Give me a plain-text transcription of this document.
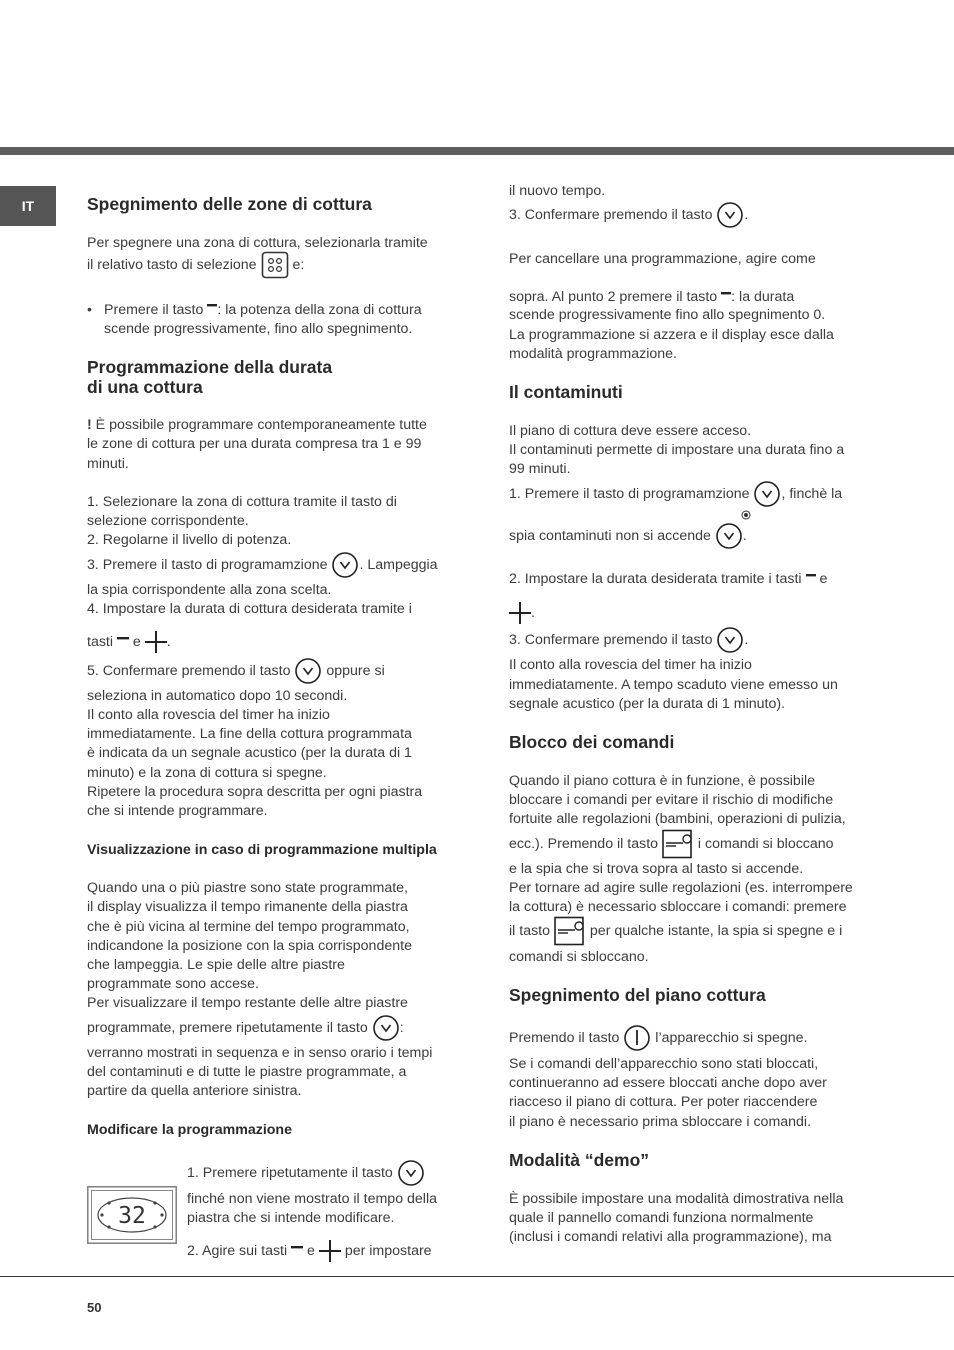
IT	Spegnimento delle zone di cottura
Per spegnere una zona di cottura, selezionarla tramite
il relativo tasto di selezione
e:
• Premere il tasto : la potenza della zona di cottura
scende progressivamente, fino allo spegnimento.
Programmazione della durata
di una cottura
! È possibile programmare contemporaneamente tutte
le zone di cottura per una durata compresa tra 1 e 99
minuti.
1. Selezionare la zona di cottura tramite il tasto di
selezione corrispondente.
2. Regolarne il livello di potenza.
3. Premere il tasto di programamzione . Lampeggia
la spia corrispondente alla zona scelta.
4. Impostare la durata di cottura desiderata tramite i
tasti
e
.
5. Confermare premendo il tasto
oppure si
seleziona in automatico dopo 10 secondi.
Il conto alla rovescia del timer ha inizio
immediatamente. La fine della cottura programmata
è indicata da un segnale acustico (per la durata di 1
minuto) e la zona di cottura si spegne.
Ripetere la procedura sopra descritta per ogni piastra
che si intende programmare.
Visualizzazione in caso di programmazione multipla
Quando una o più piastre sono state programmate,
il display visualizza il tempo rimanente della piastra
che è più vicina al termine del tempo programmato,
indicandone la posizione con la spia corrispondente
che lampeggia. Le spie delle altre piastre
programmate sono accese.
Per visualizzare il tempo restante delle altre piastre
programmate, premere ripetutamente il tasto :
verranno mostrati in sequenza e in senso orario i tempi
del contaminuti e di tutte le piastre programmate, a
partire da quella anteriore sinistra.
Modificare la programmazione
32
1. Premere ripetutamente il tasto
finché non viene mostrato il tempo della
piastra che si intende modificare.
2. Agire sui tasti
e
per impostare
il nuovo tempo.
3. Confermare premendo il tasto .
Per cancellare una programmazione, agire come
sopra. Al punto 2 premere il tasto : la durata
scende progressivamente fino allo spegnimento 0.
La programmazione si azzera e il display esce dalla
modalità programmazione.
Il contaminuti
Il piano di cottura deve essere acceso.
Il contaminuti permette di impostare una durata fino a
99 minuti.
1. Premere il tasto di programamzione , finchè la
spia contaminuti non si accende .
2. Impostare la durata desiderata tramite i tasti
e
.
3. Confermare premendo il tasto .
Il conto alla rovescia del timer ha inizio
immediatamente. A tempo scaduto viene emesso un
segnale acustico (per la durata di 1 minuto).
Blocco dei comandi
Quando il piano cottura è in funzione, è possibile
bloccare i comandi per evitare il rischio di modifiche
fortuite alle regolazioni (bambini, operazioni di pulizia,
ecc.). Premendo il tasto	i comandi si bloccano
e la spia che si trova sopra al tasto si accende.
Per tornare ad agire sulle regolazioni (es. interrompere
la cottura) è necessario sbloccare i comandi: premere
il tasto	per qualche istante, la spia si spegne e i
comandi si sbloccano.
Spegnimento del piano cottura
Premendo il tasto
l’apparecchio si spegne.
Se i comandi dell’apparecchio sono stati bloccati,
continueranno ad essere bloccati anche dopo aver
riacceso il piano di cottura. Per poter riaccendere
il piano è necessario prima sbloccare i comandi.
Modalità “demo”
È possibile impostare una modalità dimostrativa nella
quale il pannello comandi funziona normalmente
(inclusi i comandi relativi alla programmazione), ma
50
